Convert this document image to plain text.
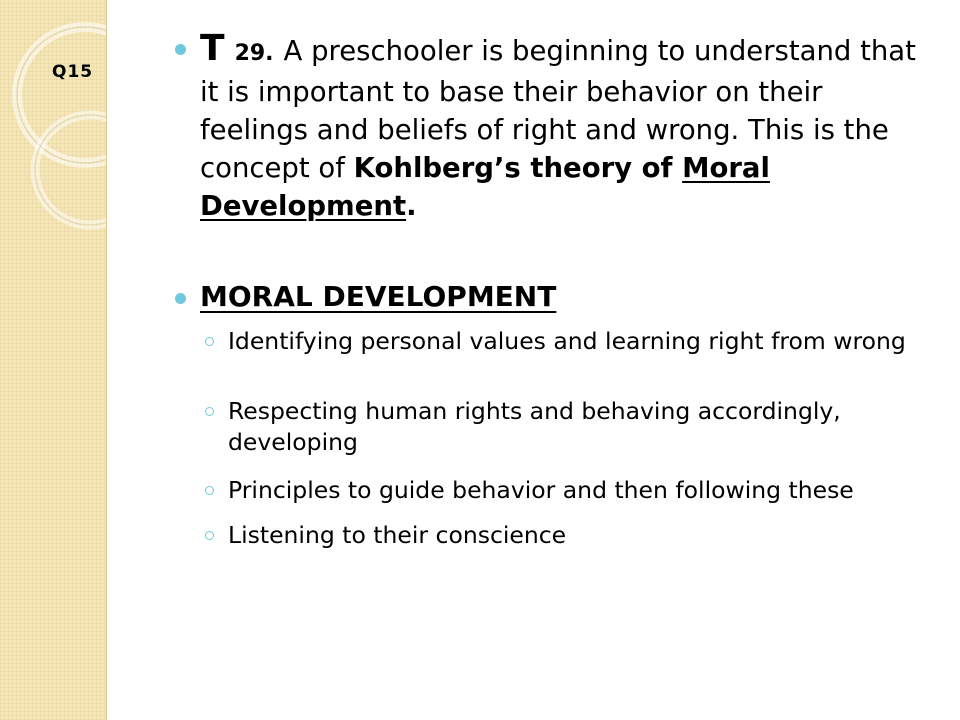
Q15
T 29. A preschooler is beginning to understand that it is important to base their behavior on their feelings and beliefs of right and wrong. This is the concept of Kohlberg’s theory of Moral Development.
MORAL DEVELOPMENT
Identifying personal values and learning right from wrong
Respecting human rights and behaving accordingly, developing
Principles to guide behavior and then following these
Listening to their conscience
